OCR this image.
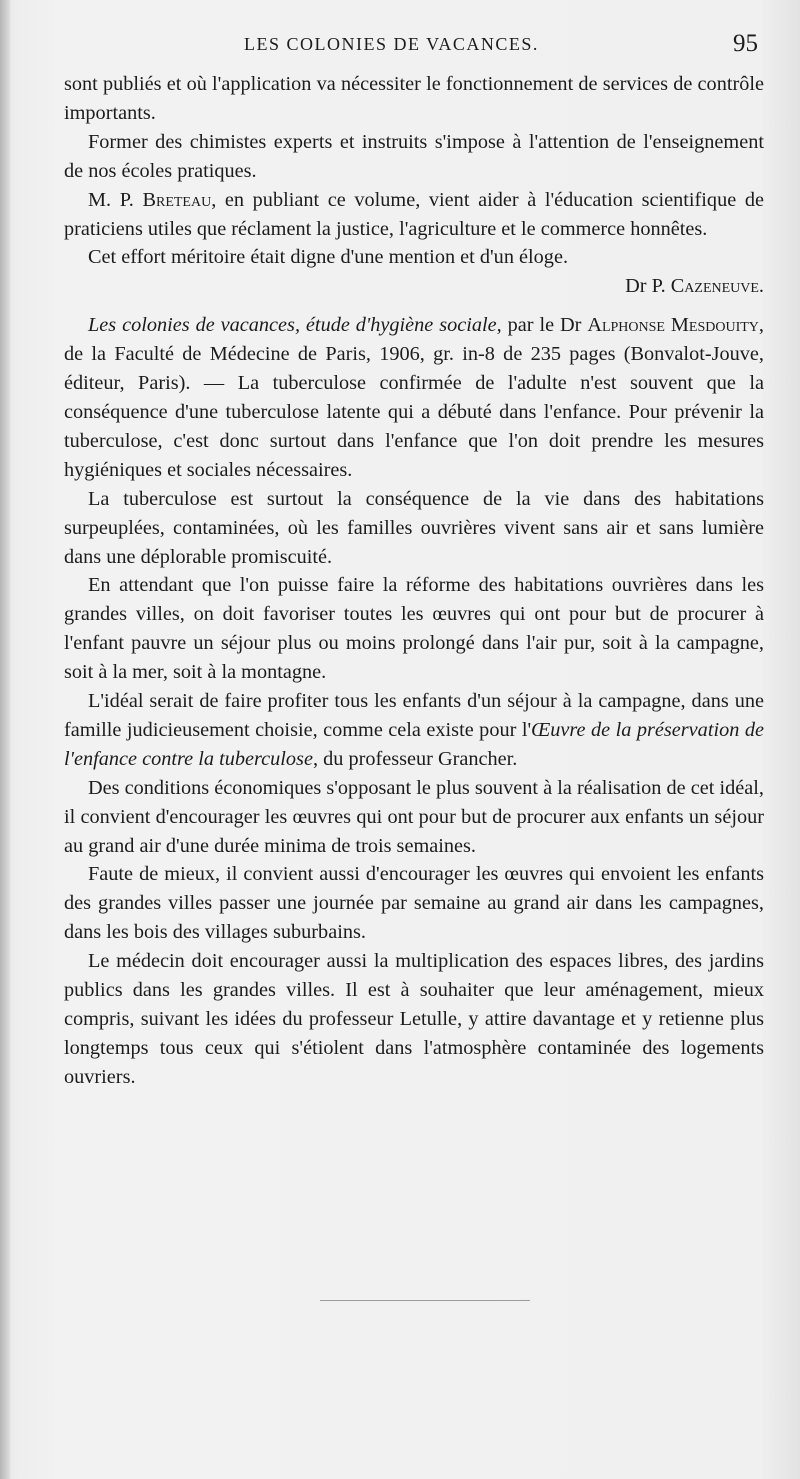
LES COLONIES DE VACANCES.	95

sont publiés et où l'application va nécessiter le fonctionnement de services de contrôle importants.

Former des chimistes experts et instruits s'impose à l'attention de l'enseignement de nos écoles pratiques.

M. P. Breteau, en publiant ce volume, vient aider à l'éducation scientifique de praticiens utiles que réclament la justice, l'agriculture et le commerce honnêtes.

Cet effort méritoire était digne d'une mention et d'un éloge.

Dr P. Cazeneuve.

Les colonies de vacances, étude d'hygiène sociale, par le Dr Alphonse Mesdouity, de la Faculté de Médecine de Paris, 1906, gr. in-8 de 235 pages (Bonvalot-Jouve, éditeur, Paris). — La tuberculose confirmée de l'adulte n'est souvent que la conséquence d'une tuberculose latente qui a débuté dans l'enfance. Pour prévenir la tuberculose, c'est donc surtout dans l'enfance que l'on doit prendre les mesures hygiéniques et sociales nécessaires.

La tuberculose est surtout la conséquence de la vie dans des habitations surpeuplées, contaminées, où les familles ouvrières vivent sans air et sans lumière dans une déplorable promiscuité.

En attendant que l'on puisse faire la réforme des habitations ouvrières dans les grandes villes, on doit favoriser toutes les œuvres qui ont pour but de procurer à l'enfant pauvre un séjour plus ou moins prolongé dans l'air pur, soit à la campagne, soit à la mer, soit à la montagne.

L'idéal serait de faire profiter tous les enfants d'un séjour à la campagne, dans une famille judicieusement choisie, comme cela existe pour l'Œuvre de la préservation de l'enfance contre la tuberculose, du professeur Grancher.

Des conditions économiques s'opposant le plus souvent à la réalisation de cet idéal, il convient d'encourager les œuvres qui ont pour but de procurer aux enfants un séjour au grand air d'une durée minima de trois semaines.

Faute de mieux, il convient aussi d'encourager les œuvres qui envoient les enfants des grandes villes passer une journée par semaine au grand air dans les campagnes, dans les bois des villages suburbains.

Le médecin doit encourager aussi la multiplication des espaces libres, des jardins publics dans les grandes villes. Il est à souhaiter que leur aménagement, mieux compris, suivant les idées du professeur Letulle, y attire davantage et y retienne plus longtemps tous ceux qui s'étiolent dans l'atmosphère contaminée des logements ouvriers.
